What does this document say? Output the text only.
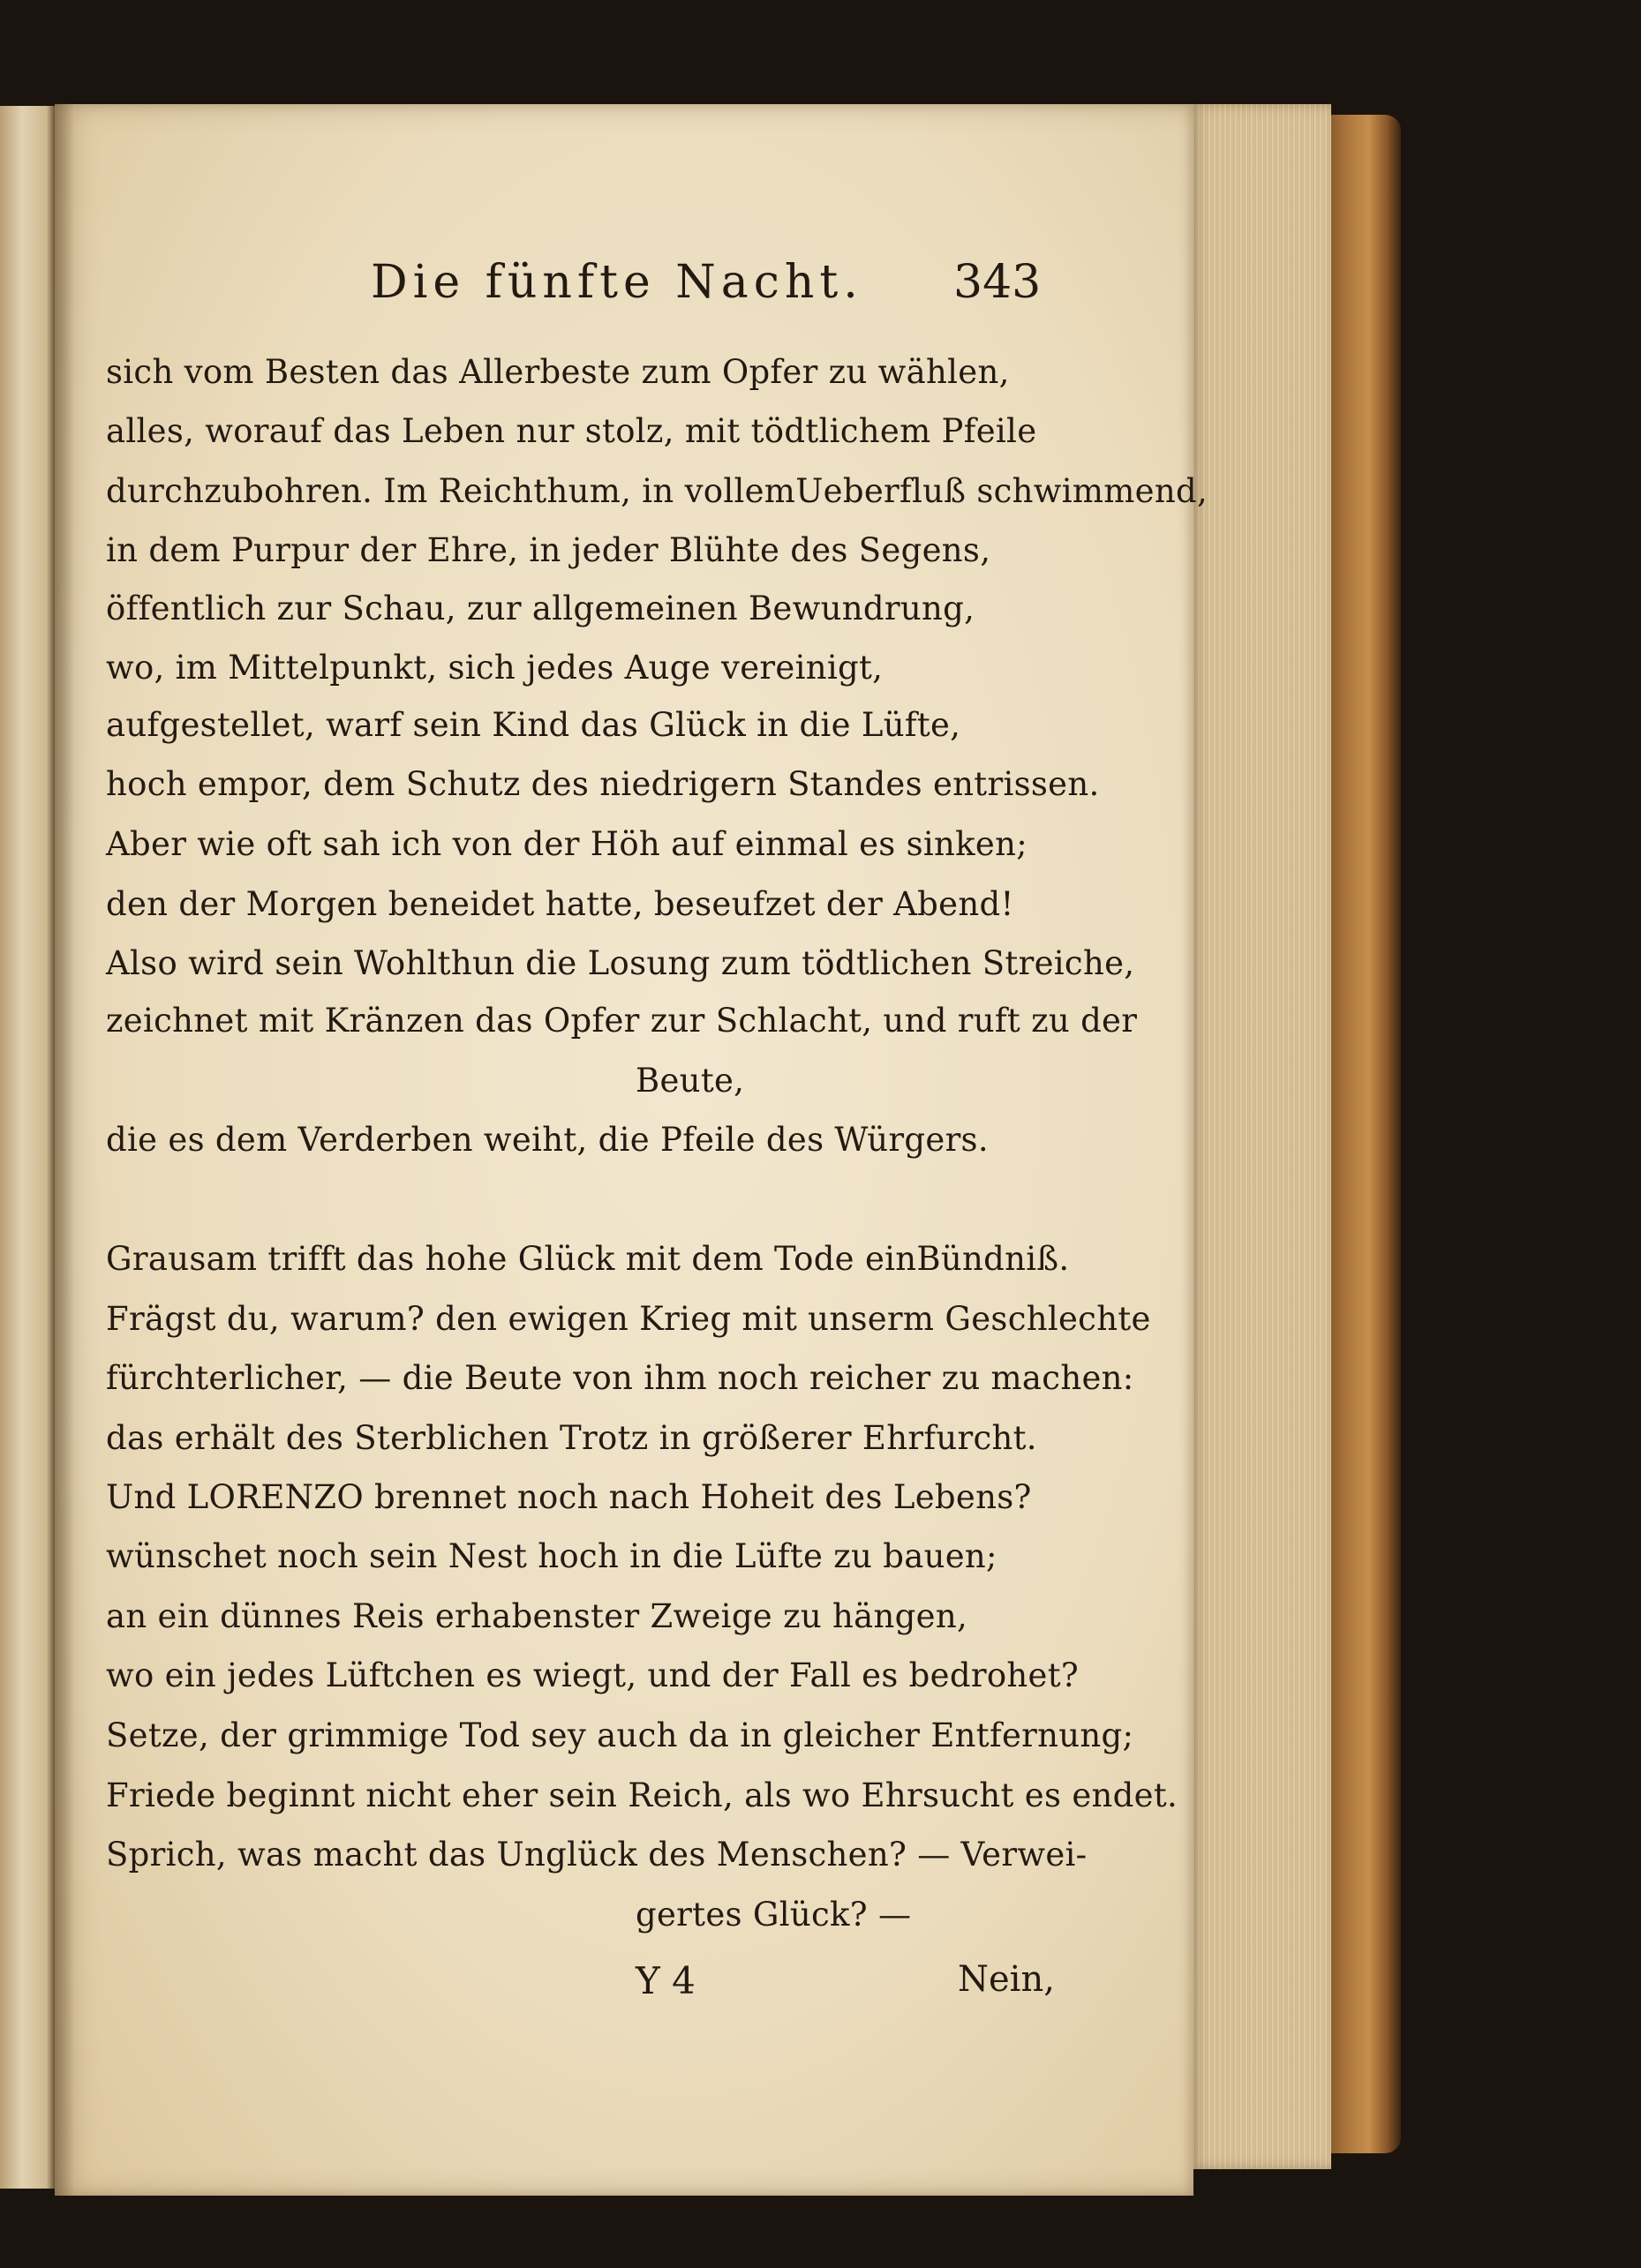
Die fünfte Nacht. 343
sich vom Besten das Allerbeste zum Opfer zu wählen,
alles, worauf das Leben nur stolz, mit tödtlichem Pfeile
durchzubohren. Im Reichthum, in vollemUeberfluß schwimmend,
in dem Purpur der Ehre, in jeder Blühte des Segens,
öffentlich zur Schau, zur allgemeinen Bewundrung,
wo, im Mittelpunkt, sich jedes Auge vereinigt,
aufgestellet, warf sein Kind das Glück in die Lüfte,
hoch empor, dem Schutz des niedrigern Standes entrissen.
Aber wie oft sah ich von der Höh auf einmal es sinken;
den der Morgen beneidet hatte, beseufzet der Abend!
Also wird sein Wohlthun die Losung zum tödtlichen Streiche,
zeichnet mit Kränzen das Opfer zur Schlacht, und ruft zu der
Beute,
die es dem Verderben weiht, die Pfeile des Würgers.
Grausam trifft das hohe Glück mit dem Tode einBündniß.
Frägst du, warum? den ewigen Krieg mit unserm Geschlechte
fürchterlicher, — die Beute von ihm noch reicher zu machen:
das erhält des Sterblichen Trotz in größerer Ehrfurcht.
Und LORENZO brennet noch nach Hoheit des Lebens?
wünschet noch sein Nest hoch in die Lüfte zu bauen;
an ein dünnes Reis erhabenster Zweige zu hängen,
wo ein jedes Lüftchen es wiegt, und der Fall es bedrohet?
Setze, der grimmige Tod sey auch da in gleicher Entfernung;
Friede beginnt nicht eher sein Reich, als wo Ehrsucht es endet.
Sprich, was macht das Unglück des Menschen? — Verwei-
gertes Glück? —
Y 4	Nein,
